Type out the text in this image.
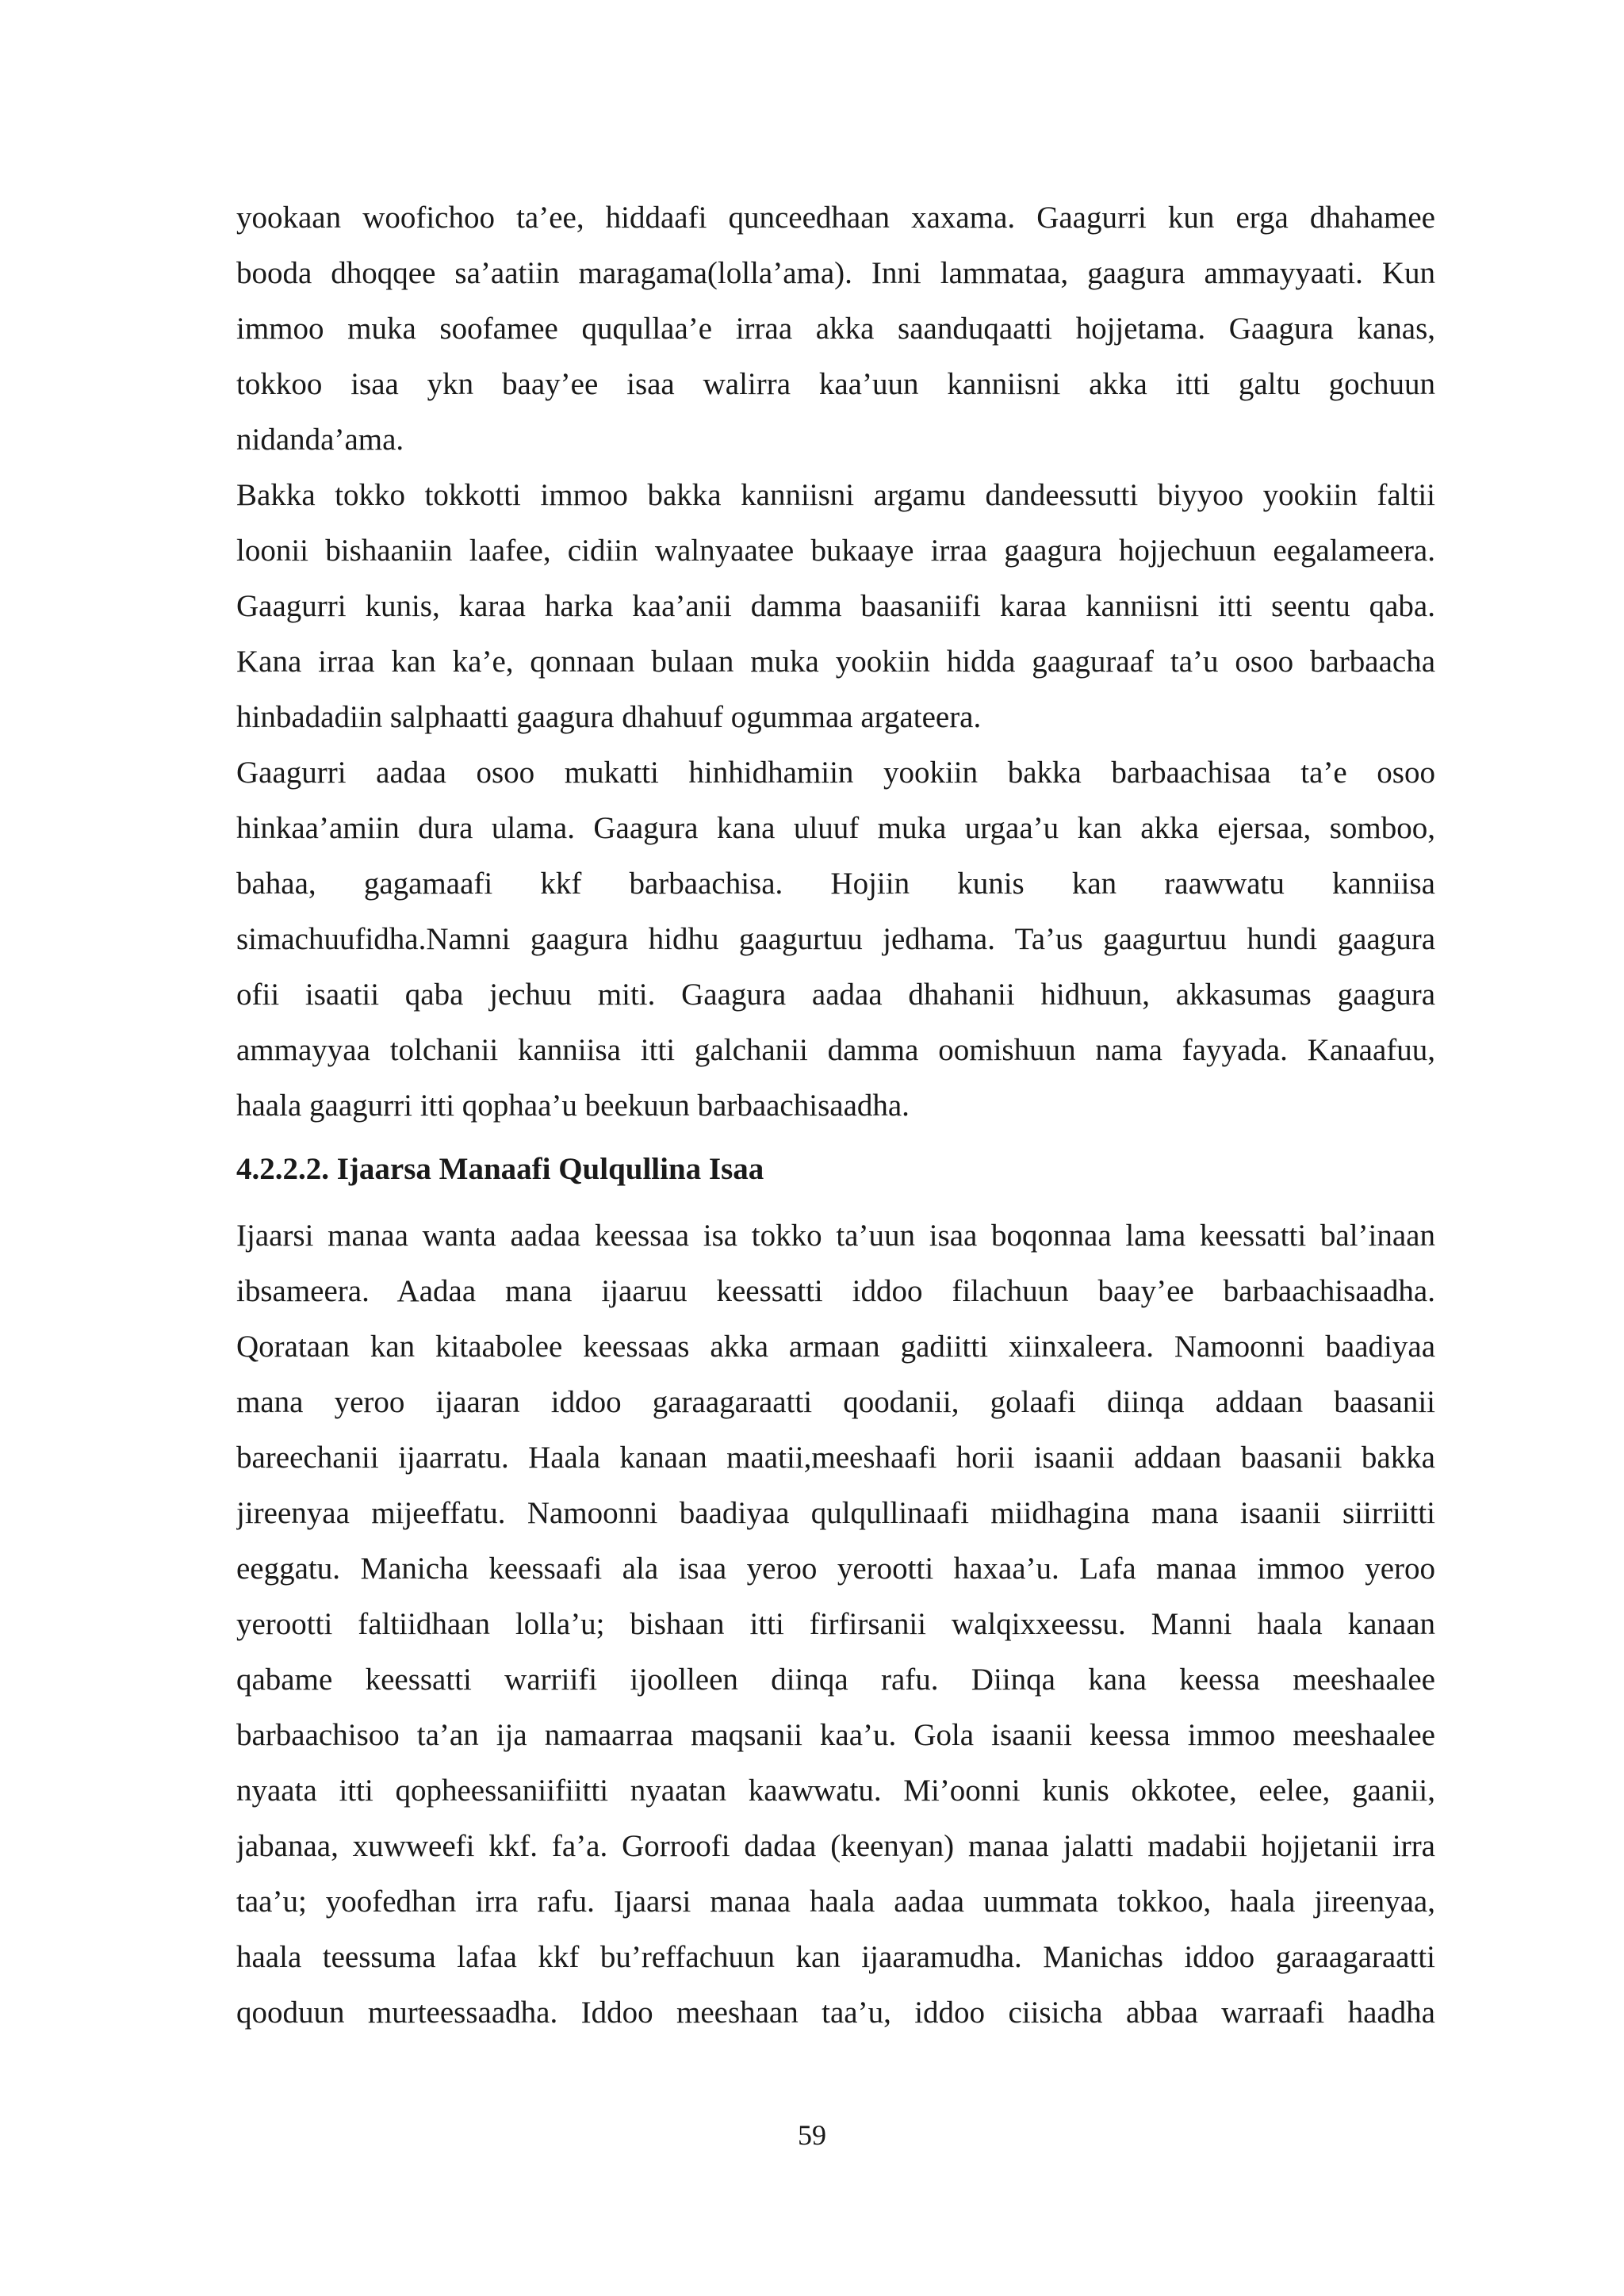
yookaan woofichoo ta’ee, hiddaafi qunceedhaan xaxama. Gaagurri kun erga dhahamee
booda dhoqqee sa’aatiin maragama(lolla’ama). Inni lammataa, gaagura ammayyaati. Kun
immoo muka soofamee ququllaa’e irraa akka saanduqaatti hojjetama. Gaagura kanas,
tokkoo isaa ykn baay’ee isaa walirra kaa’uun kanniisni akka itti galtu gochuun
nidanda’ama.
Bakka tokko tokkotti immoo bakka kanniisni argamu dandeessutti biyyoo yookiin faltii
loonii bishaaniin laafee, cidiin walnyaatee bukaaye irraa gaagura hojjechuun eegalameera.
Gaagurri kunis, karaa harka kaa’anii damma baasaniifi karaa kanniisni itti seentu qaba.
Kana irraa kan ka’e, qonnaan bulaan muka yookiin hidda gaaguraaf ta’u osoo barbaacha
hinbadadiin salphaatti gaagura dhahuuf ogummaa argateera.
Gaagurri aadaa osoo mukatti hinhidhamiin yookiin bakka barbaachisaa ta’e osoo
hinkaa’amiin dura ulama. Gaagura kana uluuf muka urgaa’u kan akka ejersaa, somboo,
bahaa, gagamaafi kkf barbaachisa. Hojiin kunis kan raawwatu kanniisa
simachuufidha.Namni gaagura hidhu gaagurtuu jedhama. Ta’us gaagurtuu hundi gaagura
ofii isaatii qaba jechuu miti. Gaagura aadaa dhahanii hidhuun, akkasumas gaagura
ammayyaa tolchanii kanniisa itti galchanii damma oomishuun nama fayyada. Kanaafuu,
haala gaagurri itti qophaa’u beekuun barbaachisaadha.
4.2.2.2. Ijaarsa Manaafi Qulqullina Isaa
Ijaarsi manaa wanta aadaa keessaa isa tokko ta’uun isaa boqonnaa lama keessatti bal’inaan
ibsameera. Aadaa mana ijaaruu keessatti iddoo filachuun baay’ee barbaachisaadha.
Qorataan kan kitaabolee keessaas akka armaan gadiitti xiinxaleera. Namoonni baadiyaa
mana yeroo ijaaran iddoo garaagaraatti qoodanii, golaafi diinqa addaan baasanii
bareechanii ijaarratu. Haala kanaan maatii,meeshaafi horii isaanii addaan baasanii bakka
jireenyaa mijeeffatu. Namoonni baadiyaa qulqullinaafi miidhagina mana isaanii siirriitti
eeggatu. Manicha keessaafi ala isaa yeroo yerootti haxaa’u. Lafa manaa immoo yeroo
yerootti faltiidhaan lolla’u; bishaan itti firfirsanii walqixxeessu. Manni haala kanaan
qabame keessatti warriifi ijoolleen diinqa rafu. Diinqa kana keessa meeshaalee
barbaachisoo ta’an ija namaarraa maqsanii kaa’u. Gola isaanii keessa immoo meeshaalee
nyaata itti qopheessaniifiitti nyaatan kaawwatu. Mi’oonni kunis okkotee, eelee, gaanii,
jabanaa, xuwweefi kkf. fa’a. Gorroofi dadaa (keenyan) manaa jalatti madabii hojjetanii irra
taa’u; yoofedhan irra rafu. Ijaarsi manaa haala aadaa uummata tokkoo, haala jireenyaa,
haala teessuma lafaa kkf bu’reffachuun kan ijaaramudha. Manichas iddoo garaagaraatti
qooduun murteessaadha. Iddoo meeshaan taa’u, iddoo ciisicha abbaa warraafi haadha
59
